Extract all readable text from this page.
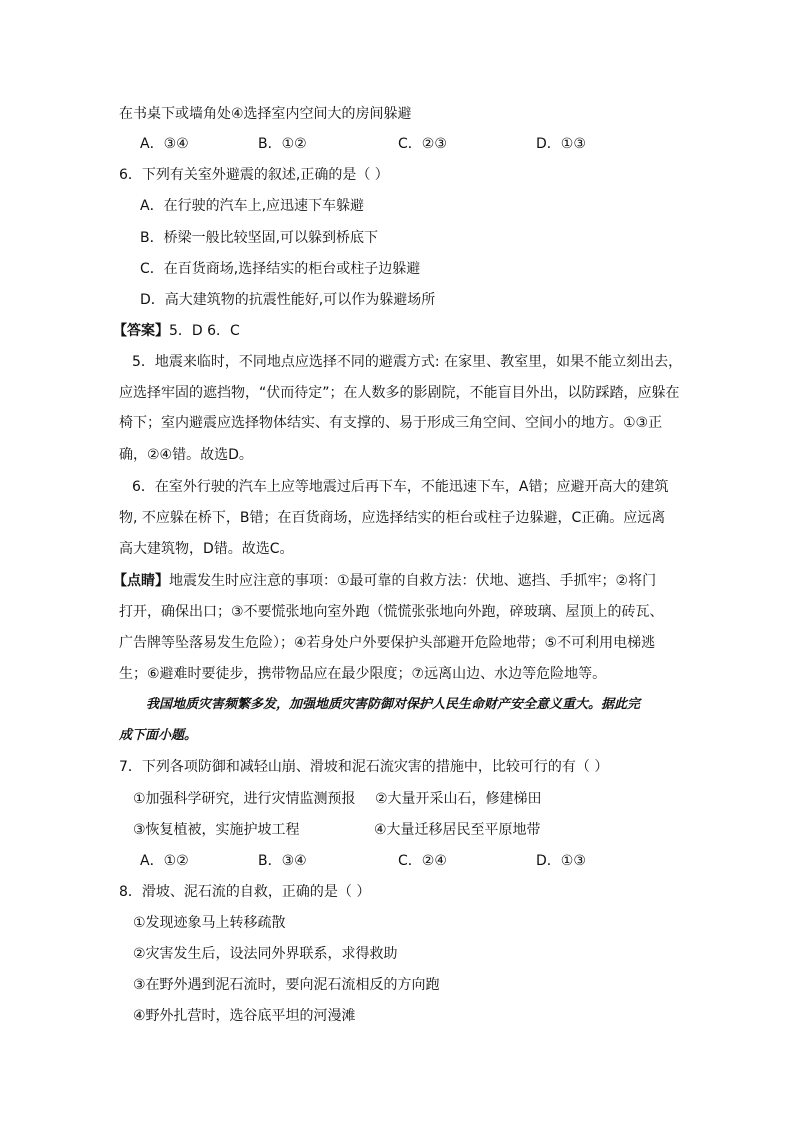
在书桌下或墙角处④选择室内空间大的房间躲避
A．③④	B．①②	C．②③	D．①③
6．下列有关室外避震的叙述,正确的是（ ）
A．在行驶的汽车上,应迅速下车躲避
B．桥梁一般比较坚固,可以躲到桥底下
C．在百货商场,选择结实的柜台或柱子边躲避
D．高大建筑物的抗震性能好,可以作为躲避场所
【答案】5．D 6．C
5．地震来临时，不同地点应选择不同的避震方式: 在家里、教室里，如果不能立刻出去，
应选择牢固的遮挡物，“伏而待定”；在人数多的影剧院，不能盲目外出，以防踩踏，应躲在
椅下；室内避震应选择物体结实、有支撑的、易于形成三角空间、空间小的地方。①③正
确，②④错。故选D。
6．在室外行驶的汽车上应等地震过后再下车，不能迅速下车，A错；应避开高大的建筑
物, 不应躲在桥下，B错；在百货商场，应选择结实的柜台或柱子边躲避，C正确。应远离
高大建筑物，D错。故选C。
【点睛】地震发生时应注意的事项：①最可靠的自救方法：伏地、遮挡、手抓牢；②将门
打开，确保出口；③不要慌张地向室外跑（慌慌张张地向外跑，碎玻璃、屋顶上的砖瓦、
广告牌等坠落易发生危险）；④若身处户外要保护头部避开危险地带；⑤不可利用电梯逃
生；⑥避难时要徒步，携带物品应在最少限度；⑦远离山边、水边等危险地等。
我国地质灾害频繁多发，加强地质灾害防御对保护人民生命财产安全意义重大。据此完
成下面小题。
7．下列各项防御和减轻山崩、滑坡和泥石流灾害的措施中，比较可行的有（ ）
①加强科学研究，进行灾情监测预报 ②大量开采山石，修建梯田
③恢复植被，实施护坡工程	④大量迁移居民至平原地带
A．①②	B．③④	C．②④	D．①③
8．滑坡、泥石流的自救，正确的是（ ）
①发现迹象马上转移疏散
②灾害发生后，设法同外界联系，求得救助
③在野外遇到泥石流时，要向泥石流相反的方向跑
④野外扎营时，选谷底平坦的河漫滩
